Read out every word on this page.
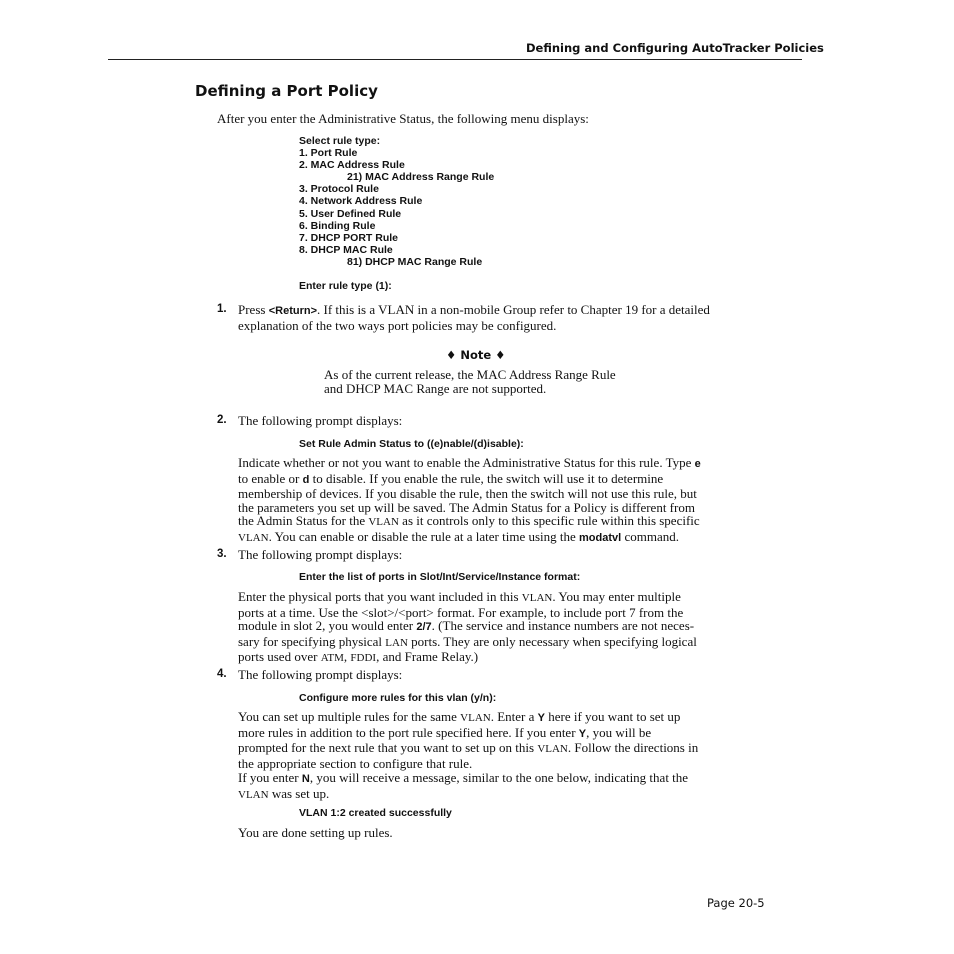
Defining and Configuring AutoTracker Policies
Defining a Port Policy
After you enter the Administrative Status, the following menu displays:
Select rule type:
1. Port Rule
2. MAC Address Rule
21) MAC Address Range Rule
3. Protocol Rule
4. Network Address Rule
5. User Defined Rule
6. Binding Rule
7. DHCP PORT Rule
8. DHCP MAC Rule
81) DHCP MAC Range Rule
Enter rule type (1):
1. Press <Return>. If this is a VLAN in a non-mobile Group refer to Chapter 19 for a detailed
explanation of the two ways port policies may be configured.
♦ Note ♦
As of the current release, the MAC Address Range Rule
and DHCP MAC Range are not supported.
2. The following prompt displays:
Set Rule Admin Status to ((e)nable/(d)isable):
Indicate whether or not you want to enable the Administrative Status for this rule. Type e
to enable or d to disable. If you enable the rule, the switch will use it to determine
membership of devices. If you disable the rule, then the switch will not use this rule, but
the parameters you set up will be saved. The Admin Status for a Policy is different from
the Admin Status for the VLAN as it controls only to this specific rule within this specific
VLAN. You can enable or disable the rule at a later time using the modatvl command.
3. The following prompt displays:
Enter the list of ports in Slot/Int/Service/Instance format:
Enter the physical ports that you want included in this VLAN. You may enter multiple
ports at a time. Use the <slot>/<port> format. For example, to include port 7 from the
module in slot 2, you would enter 2/7. (The service and instance numbers are not neces-
sary for specifying physical LAN ports. They are only necessary when specifying logical
ports used over ATM, FDDI, and Frame Relay.)
4. The following prompt displays:
Configure more rules for this vlan (y/n):
You can set up multiple rules for the same VLAN. Enter a Y here if you want to set up
more rules in addition to the port rule specified here. If you enter Y, you will be
prompted for the next rule that you want to set up on this VLAN. Follow the directions in
the appropriate section to configure that rule.
If you enter N, you will receive a message, similar to the one below, indicating that the
VLAN was set up.
VLAN 1:2 created successfully
You are done setting up rules.
Page 20-5
